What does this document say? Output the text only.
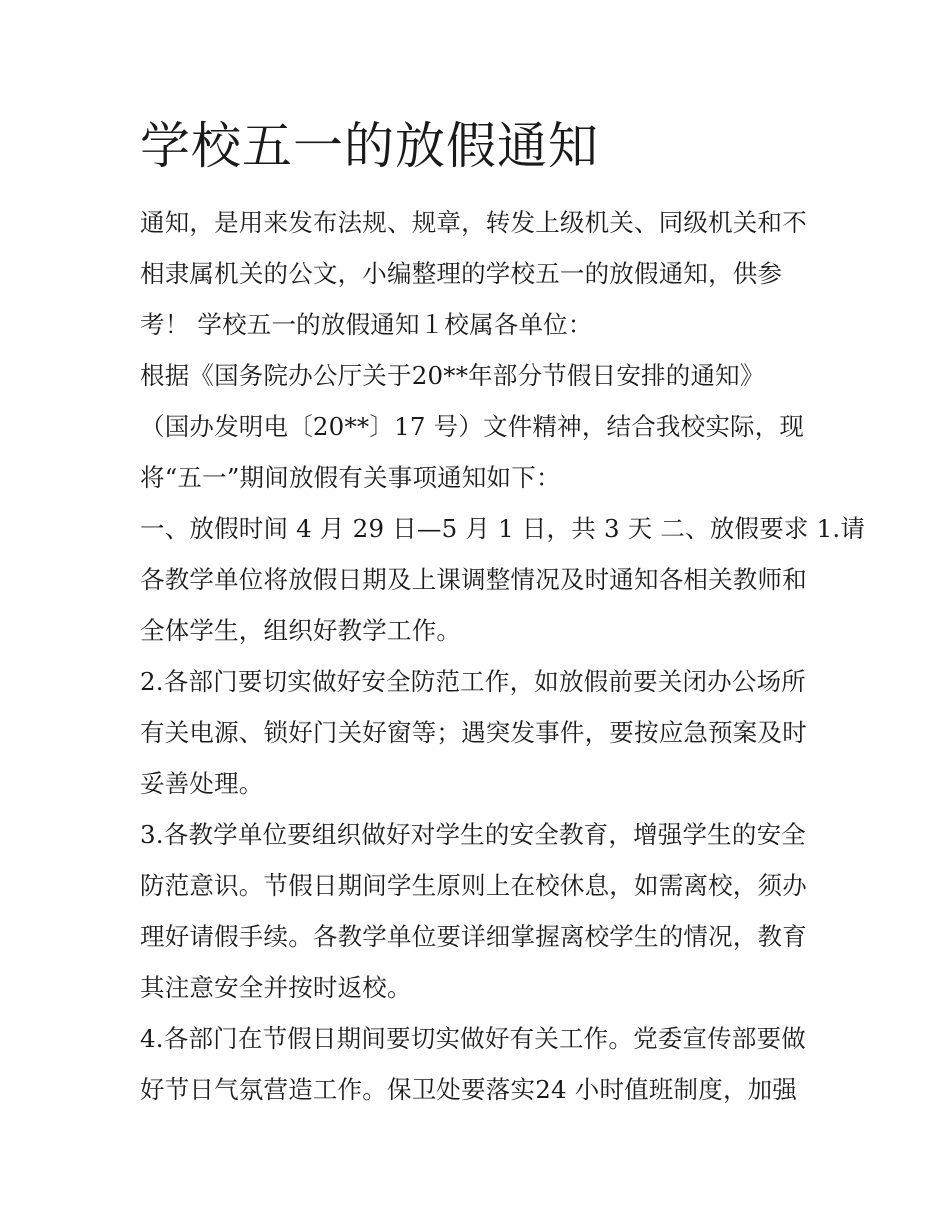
学校五一的放假通知
通知，是用来发布法规、规章，转发上级机关、同级机关和不
相隶属机关的公文，小编整理的学校五一的放假通知，供参
考！ 学校五一的放假通知１校属各单位：
根据《国务院办公厅关于20**年部分节假日安排的通知》
（国办发明电〔20**〕17 号）文件精神，结合我校实际，现
将“五一”期间放假有关事项通知如下：
一、放假时间 4 月 29 日—5 月 1 日，共 3 天 二、放假要求 1.请
各教学单位将放假日期及上课调整情况及时通知各相关教师和
全体学生，组织好教学工作。
2.各部门要切实做好安全防范工作，如放假前要关闭办公场所
有关电源、锁好门关好窗等；遇突发事件，要按应急预案及时
妥善处理。
3.各教学单位要组织做好对学生的安全教育，增强学生的安全
防范意识。节假日期间学生原则上在校休息，如需离校，须办
理好请假手续。各教学单位要详细掌握离校学生的情况，教育
其注意安全并按时返校。
4.各部门在节假日期间要切实做好有关工作。党委宣传部要做
好节日气氛营造工作。保卫处要落实24 小时值班制度，加强
